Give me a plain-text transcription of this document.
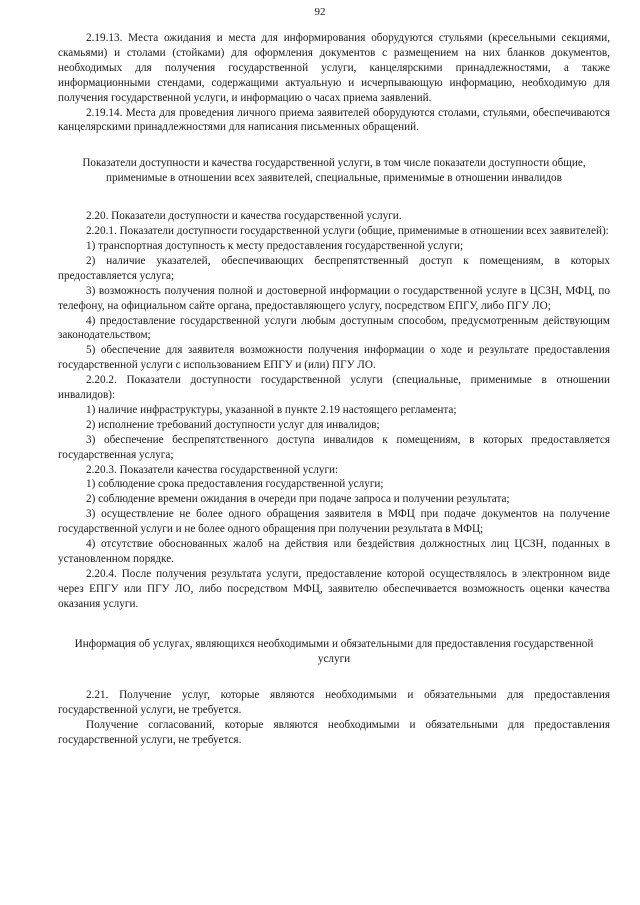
92

2.19.13. Места ожидания и места для информирования оборудуются стульями (кресельными секциями, скамьями) и столами (стойками) для оформления документов с размещением на них бланков документов, необходимых для получения государственной услуги, канцелярскими принадлежностями, а также информационными стендами, содержащими актуальную и исчерпывающую информацию, необходимую для получения государственной услуги, и информацию о часах приема заявлений.

2.19.14. Места для проведения личного приема заявителей оборудуются столами, стульями, обеспечиваются канцелярскими принадлежностями для написания письменных обращений.

Показатели доступности и качества государственной услуги, в том числе показатели доступности общие, применимые в отношении всех заявителей, специальные, применимые в отношении инвалидов

2.20. Показатели доступности и качества государственной услуги.

2.20.1. Показатели доступности государственной услуги (общие, применимые в отношении всех заявителей):

1) транспортная доступность к месту предоставления государственной услуги;

2) наличие указателей, обеспечивающих беспрепятственный доступ к помещениям, в которых предоставляется услуга;

3) возможность получения полной и достоверной информации о государственной услуге в ЦСЗН, МФЦ, по телефону, на официальном сайте органа, предоставляющего услугу, посредством ЕПГУ, либо ПГУ ЛО;

4) предоставление государственной услуги любым доступным способом, предусмотренным действующим законодательством;

5) обеспечение для заявителя возможности получения информации о ходе и результате предоставления государственной услуги с использованием ЕПГУ и (или) ПГУ ЛО.

2.20.2. Показатели доступности государственной услуги (специальные, применимые в отношении инвалидов):

1) наличие инфраструктуры, указанной в пункте 2.19 настоящего регламента;

2) исполнение требований доступности услуг для инвалидов;

3) обеспечение беспрепятственного доступа инвалидов к помещениям, в которых предоставляется государственная услуга;

2.20.3. Показатели качества государственной услуги:

1) соблюдение срока предоставления государственной услуги;

2) соблюдение времени ожидания в очереди при подаче запроса и получении результата;

3) осуществление не более одного обращения заявителя в МФЦ при подаче документов на получение государственной услуги и не более одного обращения при получении результата в МФЦ;

4) отсутствие обоснованных жалоб на действия или бездействия должностных лиц ЦСЗН, поданных в установленном порядке.

2.20.4. После получения результата услуги, предоставление которой осуществлялось в электронном виде через ЕПГУ или ПГУ ЛО, либо посредством МФЦ, заявителю обеспечивается возможность оценки качества оказания услуги.

Информация об услугах, являющихся необходимыми и обязательными для предоставления государственной услуги

2.21. Получение услуг, которые являются необходимыми и обязательными для предоставления государственной услуги, не требуется.

Получение согласований, которые являются необходимыми и обязательными для предоставления государственной услуги, не требуется.
